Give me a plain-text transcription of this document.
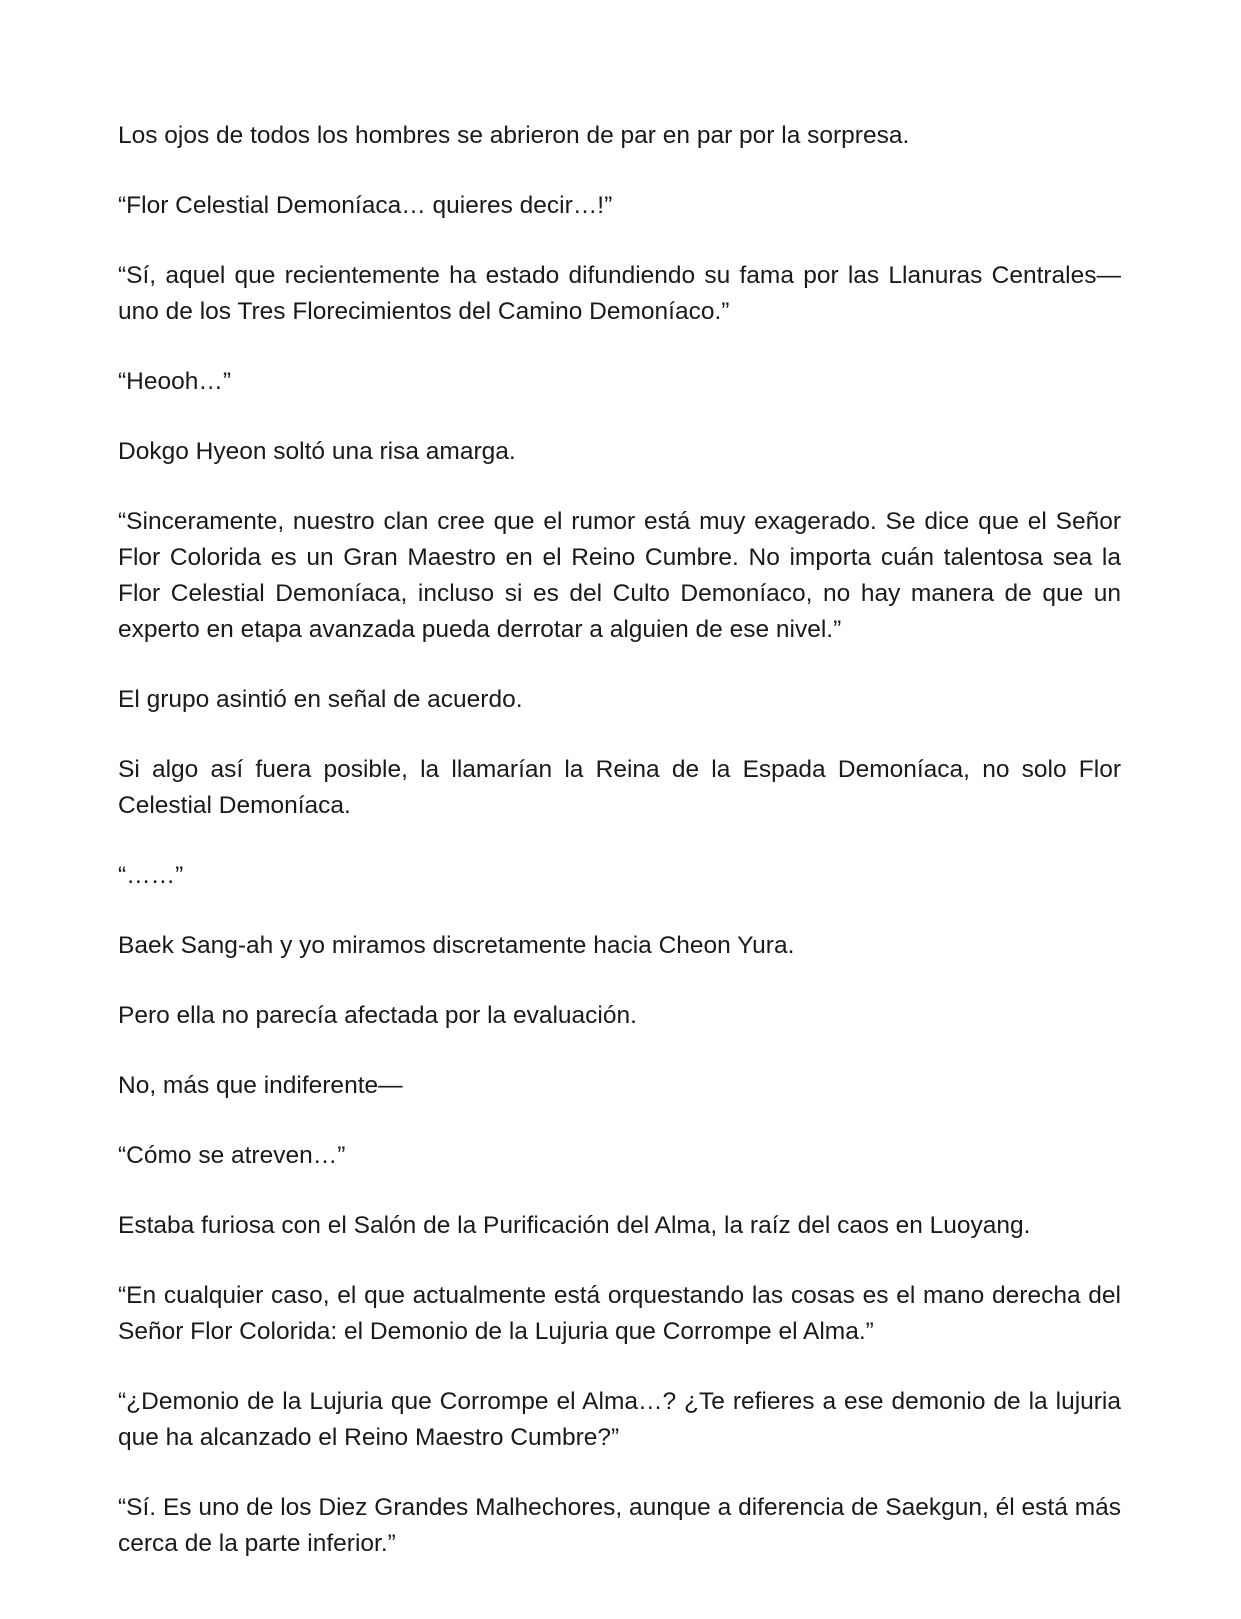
Los ojos de todos los hombres se abrieron de par en par por la sorpresa.

“Flor Celestial Demoníaca… quieres decir…!”

“Sí, aquel que recientemente ha estado difundiendo su fama por las Llanuras Centrales—uno de los Tres Florecimientos del Camino Demoníaco.”

“Heooh…”

Dokgo Hyeon soltó una risa amarga.

“Sinceramente, nuestro clan cree que el rumor está muy exagerado. Se dice que el Señor Flor Colorida es un Gran Maestro en el Reino Cumbre. No importa cuán talentosa sea la Flor Celestial Demoníaca, incluso si es del Culto Demoníaco, no hay manera de que un experto en etapa avanzada pueda derrotar a alguien de ese nivel.”

El grupo asintió en señal de acuerdo.

Si algo así fuera posible, la llamarían la Reina de la Espada Demoníaca, no solo Flor Celestial Demoníaca.

“……”

Baek Sang-ah y yo miramos discretamente hacia Cheon Yura.

Pero ella no parecía afectada por la evaluación.

No, más que indiferente—

“Cómo se atreven…”

Estaba furiosa con el Salón de la Purificación del Alma, la raíz del caos en Luoyang.

“En cualquier caso, el que actualmente está orquestando las cosas es el mano derecha del Señor Flor Colorida: el Demonio de la Lujuria que Corrompe el Alma.”

“¿Demonio de la Lujuria que Corrompe el Alma…? ¿Te refieres a ese demonio de la lujuria que ha alcanzado el Reino Maestro Cumbre?”

“Sí. Es uno de los Diez Grandes Malhechores, aunque a diferencia de Saekgun, él está más cerca de la parte inferior.”
